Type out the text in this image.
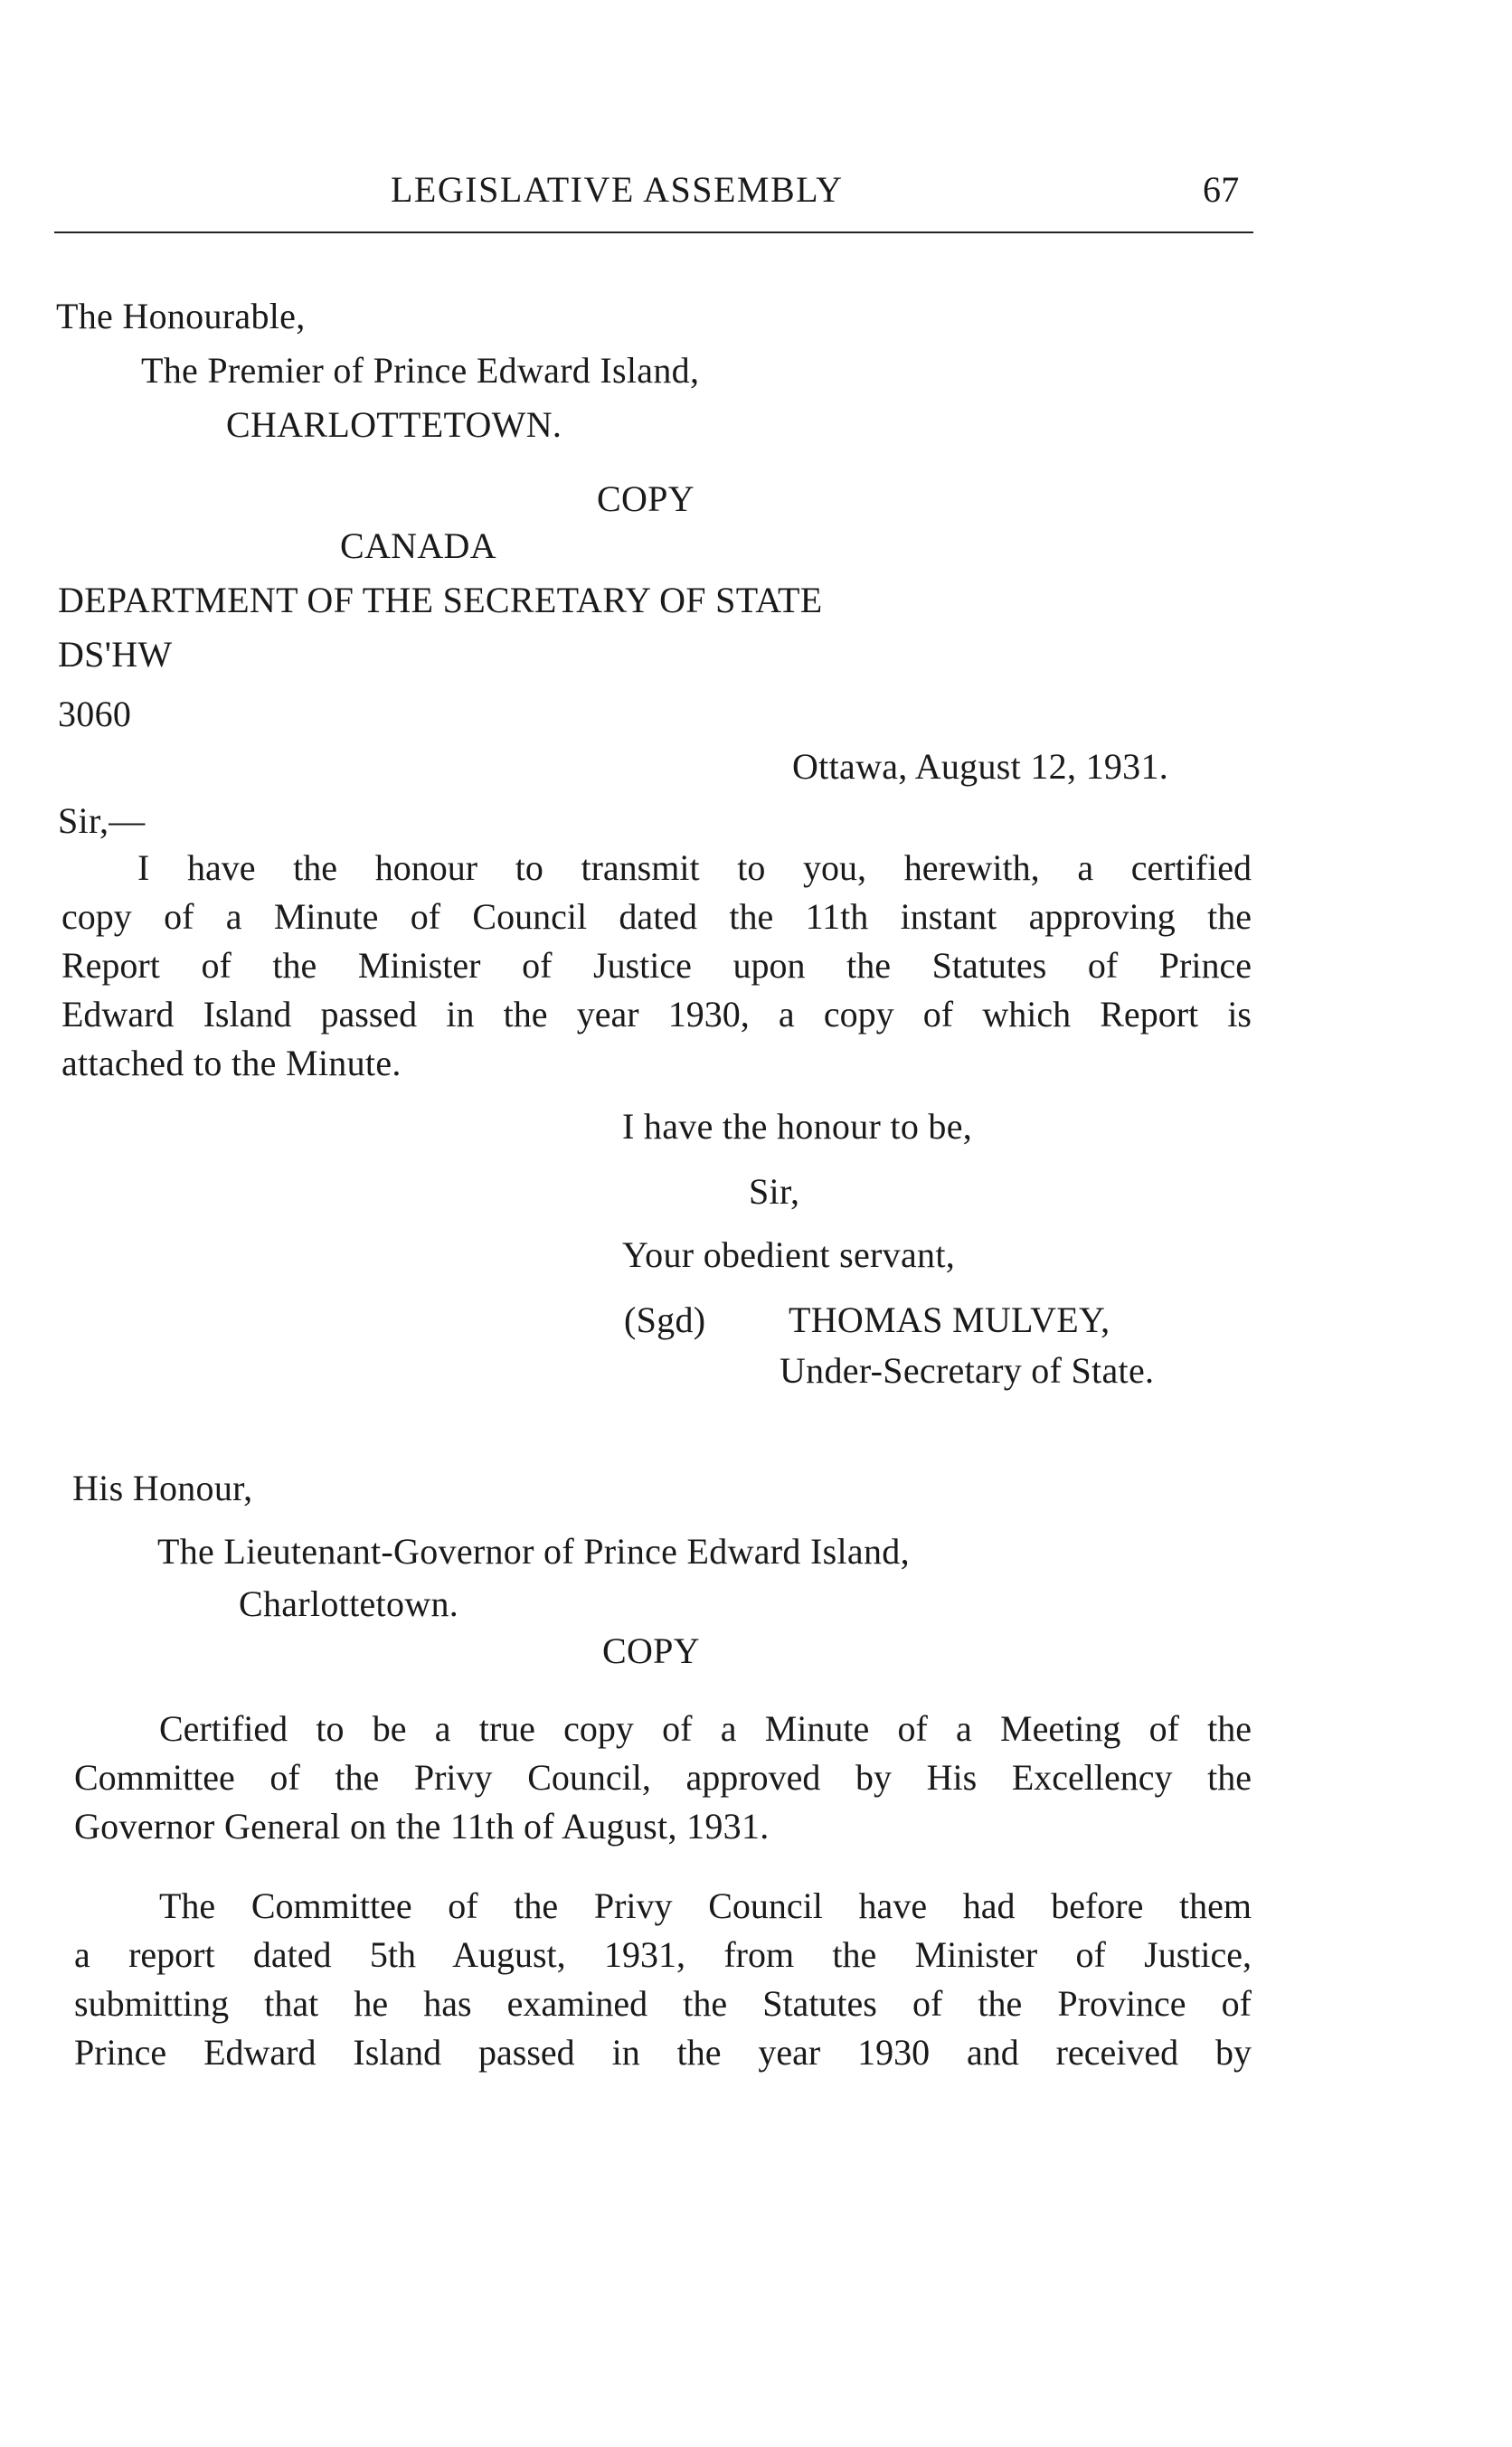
LEGISLATIVE ASSEMBLY	67
The Honourable,
The Premier of Prince Edward Island,
CHARLOTTETOWN.
COPY
CANADA
DEPARTMENT OF THE SECRETARY OF STATE
DS'HW
3060
Ottawa, August 12, 1931.
Sir,—
I have the honour to transmit to you, herewith, a certified
copy of a Minute of Council dated the 11th instant approving the
Report of the Minister of Justice upon the Statutes of Prince
Edward Island passed in the year 1930, a copy of which Report is
attached to the Minute.
I have the honour to be,
Sir,
Your obedient servant,
(Sgd) THOMAS MULVEY,
Under-Secretary of State.
His Honour,
The Lieutenant-Governor of Prince Edward Island,
Charlottetown.
COPY
Certified to be a true copy of a Minute of a Meeting of the
Committee of the Privy Council, approved by His Excellency the
Governor General on the 11th of August, 1931.
The Committee of the Privy Council have had before them
a report dated 5th August, 1931, from the Minister of Justice,
submitting that he has examined the Statutes of the Province of
Prince Edward Island passed in the year 1930 and received by
